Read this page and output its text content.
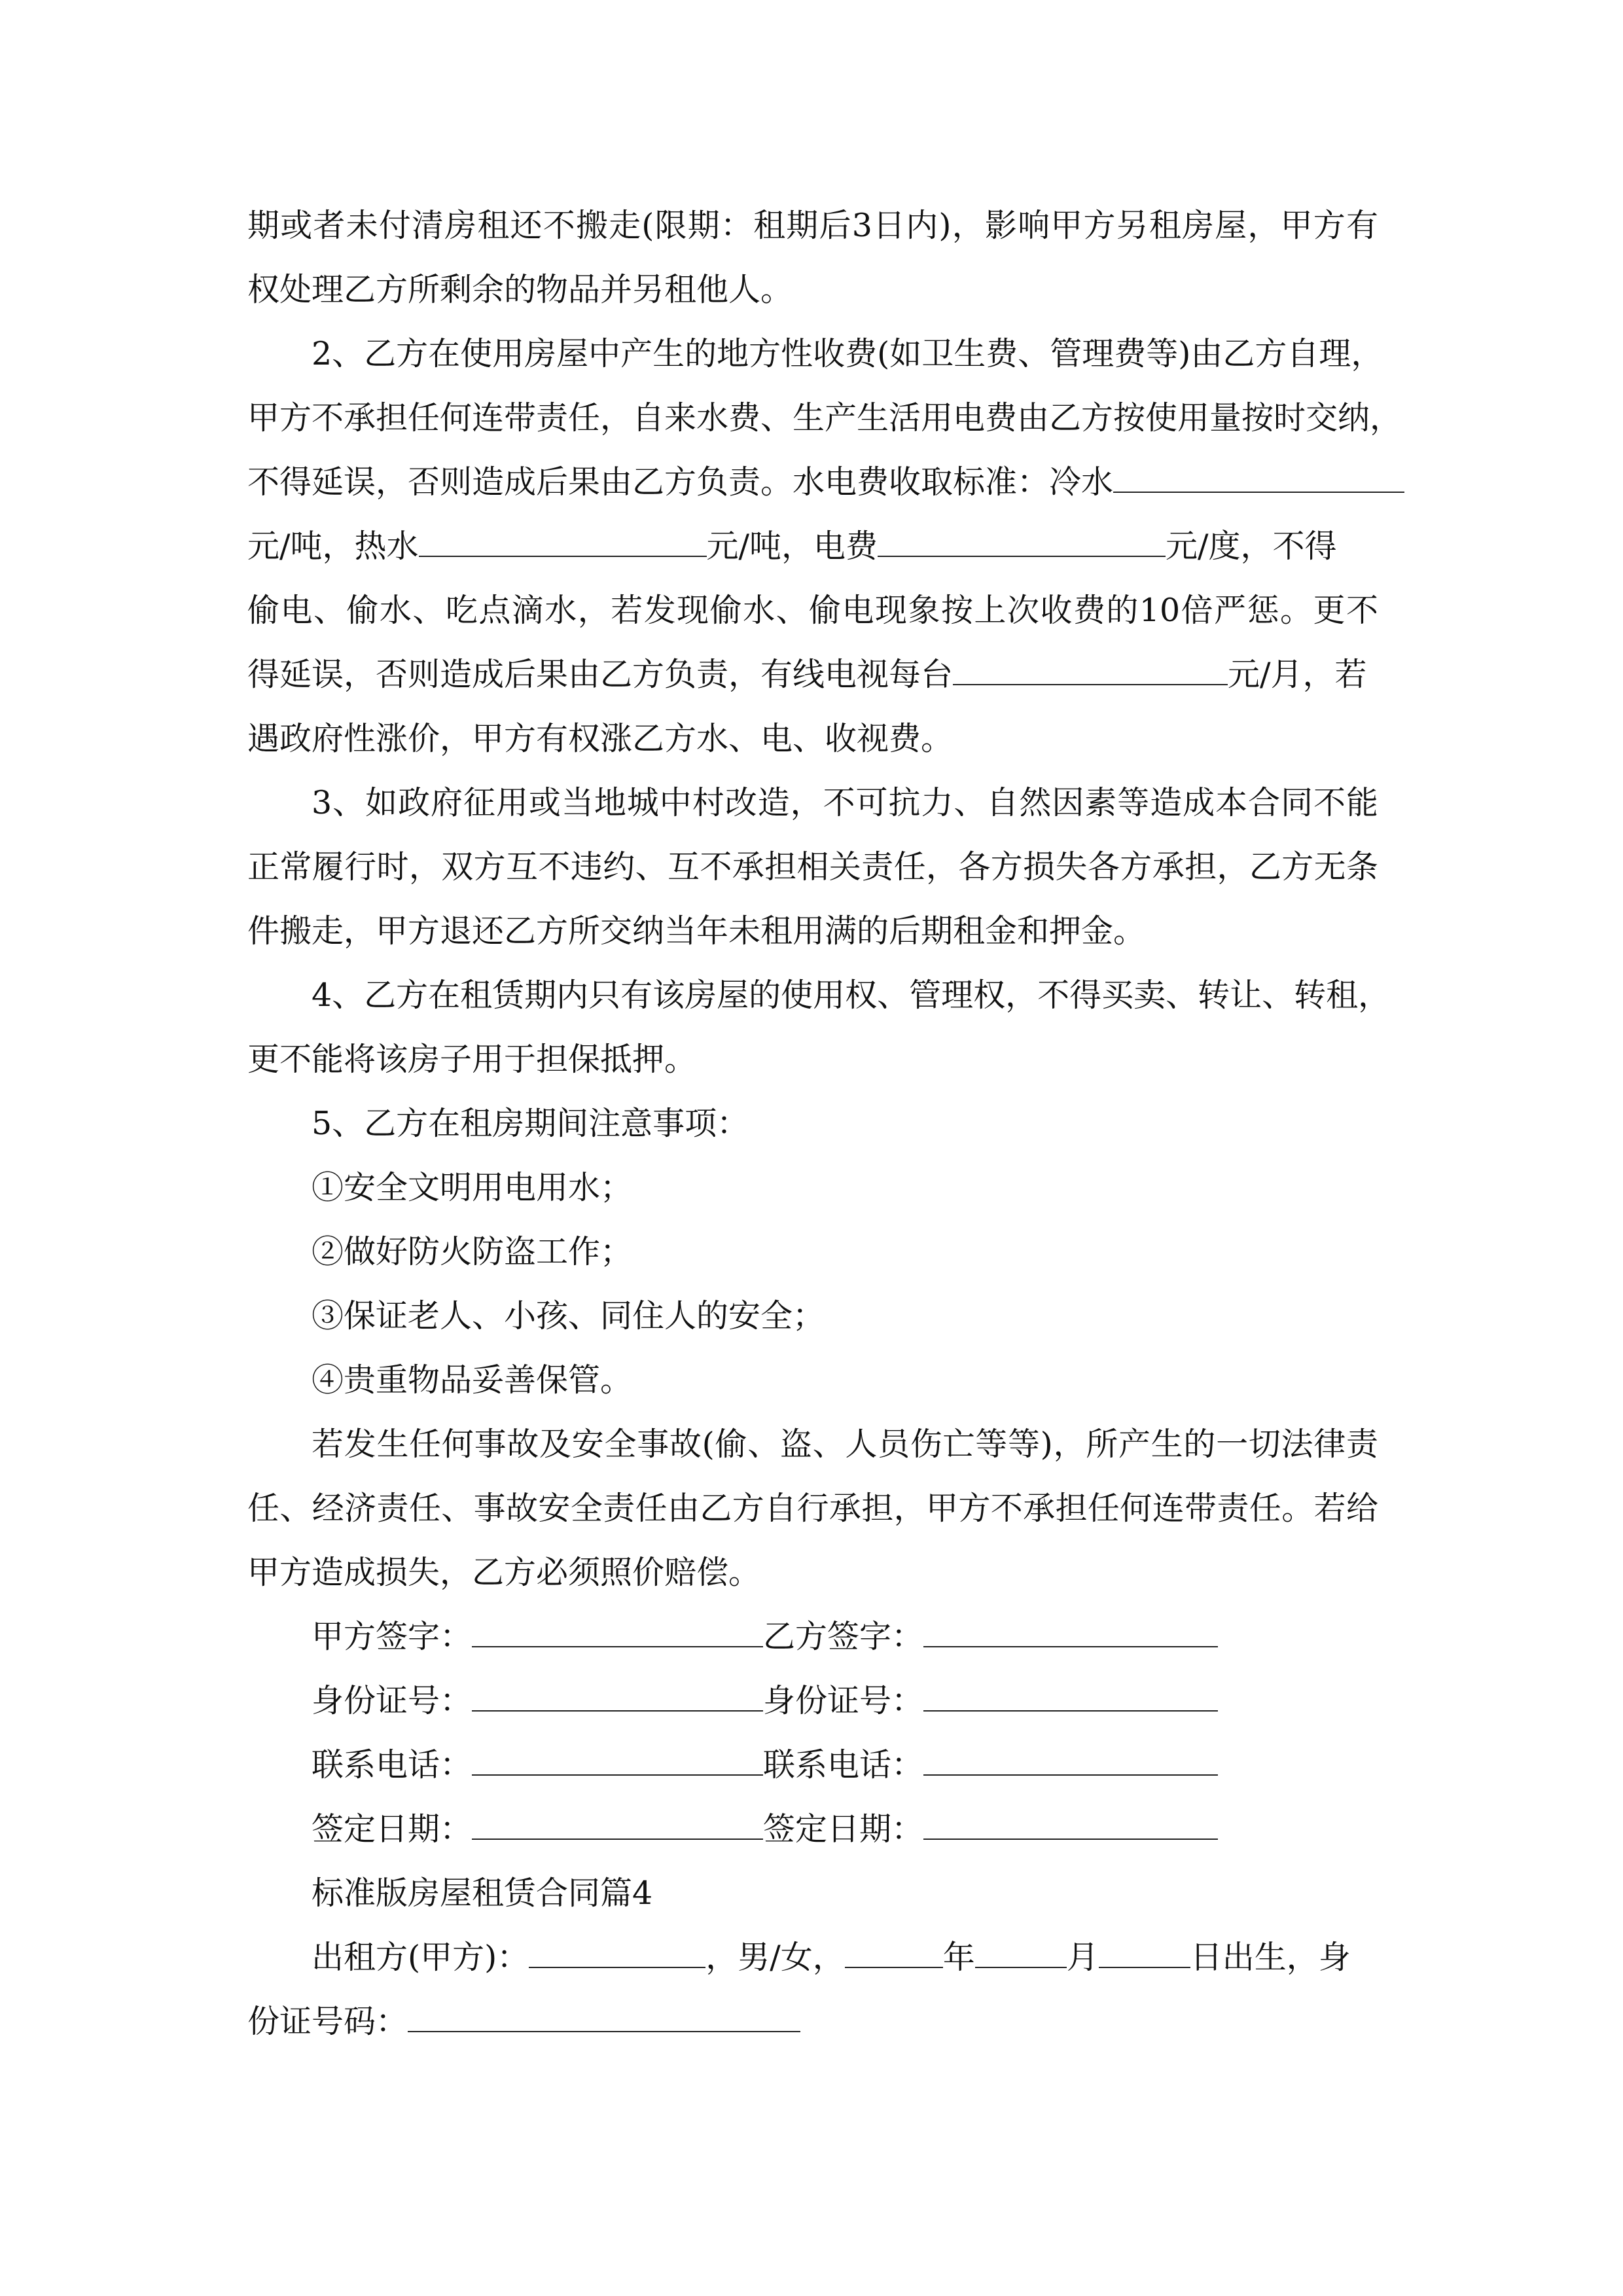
期或者未付清房租还不搬走(限期：租期后3日内)，影响甲方另租房屋，甲方有
权处理乙方所剩余的物品并另租他人。
2、乙方在使用房屋中产生的地方性收费(如卫生费、管理费等)由乙方自理，
甲方不承担任何连带责任，自来水费、生产生活用电费由乙方按使用量按时交纳，
不得延误，否则造成后果由乙方负责。水电费收取标准：冷水
元/吨，热水	元/吨，电费	元/度，不得
偷电、偷水、吃点滴水，若发现偷水、偷电现象按上次收费的10倍严惩。更不
得延误，否则造成后果由乙方负责，有线电视每台	元/月，若
遇政府性涨价，甲方有权涨乙方水、电、收视费。
3、如政府征用或当地城中村改造，不可抗力、自然因素等造成本合同不能
正常履行时，双方互不违约、互不承担相关责任，各方损失各方承担，乙方无条
件搬走，甲方退还乙方所交纳当年未租用满的后期租金和押金。
4、乙方在租赁期内只有该房屋的使用权、管理权，不得买卖、转让、转租，
更不能将该房子用于担保抵押。
5、乙方在租房期间注意事项：
①安全文明用电用水；
②做好防火防盗工作；
③保证老人、小孩、同住人的安全；
④贵重物品妥善保管。
若发生任何事故及安全事故(偷、盗、人员伤亡等等)，所产生的一切法律责
任、经济责任、事故安全责任由乙方自行承担，甲方不承担任何连带责任。若给
甲方造成损失，乙方必须照价赔偿。
甲方签字：	乙方签字：
身份证号：	身份证号：
联系电话：	联系电话：
签定日期：	签定日期：
标准版房屋租赁合同篇4
出租方(甲方)：	，男/女，	年	月	日出生，身
份证号码：
